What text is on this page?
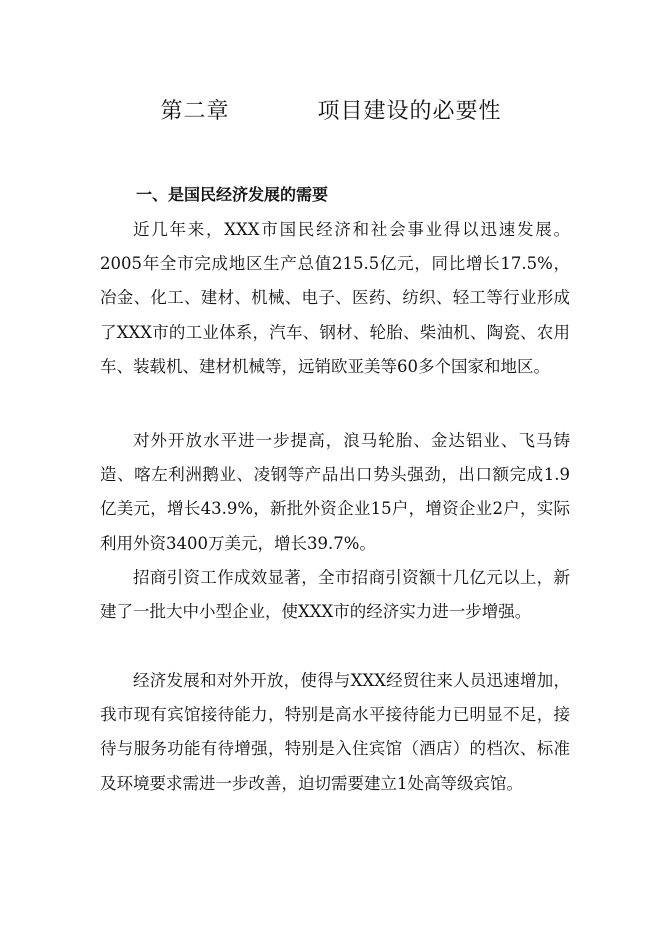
第二章    项目建设的必要性
一、是国民经济发展的需要

近几年来，XXX市国民经济和社会事业得以迅速发展。2005年全市完成地区生产总值215.5亿元，同比增长17.5%，冶金、化工、建材、机械、电子、医药、纺织、轻工等行业形成了XXX市的工业体系，汽车、钢材、轮胎、柴油机、陶瓷、农用车、装载机、建材机械等，远销欧亚美等60多个国家和地区。

对外开放水平进一步提高，浪马轮胎、金达铝业、飞马铸造、喀左利洲鹅业、凌钢等产品出口势头强劲，出口额完成1.9亿美元，增长43.9%，新批外资企业15户，增资企业2户，实际利用外资3400万美元，增长39.7%。

招商引资工作成效显著，全市招商引资额十几亿元以上，新建了一批大中小型企业，使XXX市的经济实力进一步增强。

经济发展和对外开放，使得与XXX经贸往来人员迅速增加，我市现有宾馆接待能力，特别是高水平接待能力已明显不足，接待与服务功能有待增强，特别是入住宾馆（酒店）的档次、标准及环境要求需进一步改善，迫切需要建立1处高等级宾馆。
